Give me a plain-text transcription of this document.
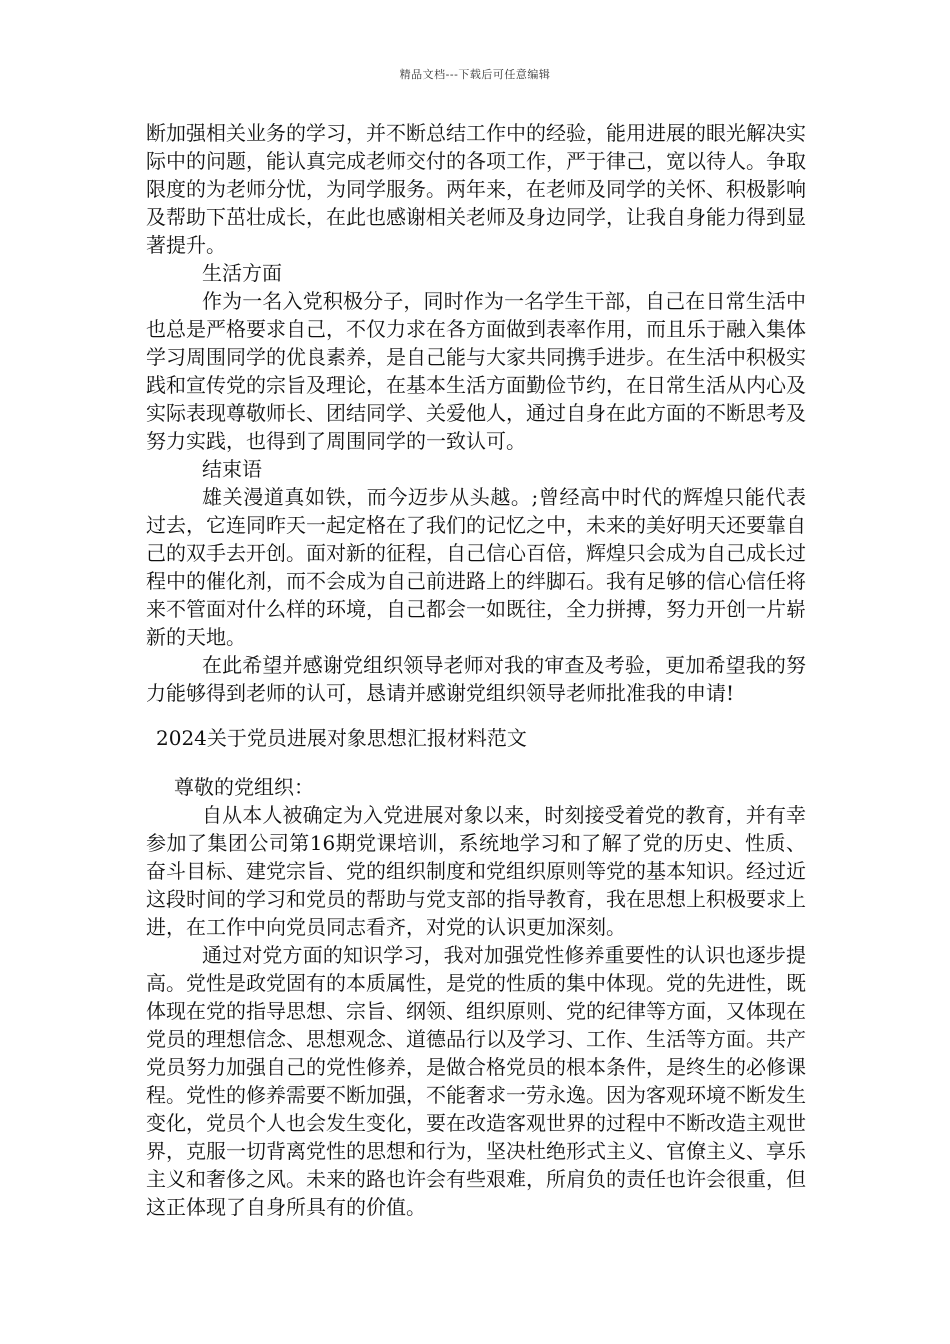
精品文档---下载后可任意编辑

断加强相关业务的学习，并不断总结工作中的经验，能用进展的眼光解决实际中的问题，能认真完成老师交付的各项工作，严于律己，宽以待人。争取限度的为老师分忧，为同学服务。两年来，在老师及同学的关怀、积极影响及帮助下茁壮成长，在此也感谢相关老师及身边同学，让我自身能力得到显著提升。

生活方面

作为一名入党积极分子，同时作为一名学生干部，自己在日常生活中也总是严格要求自己，不仅力求在各方面做到表率作用，而且乐于融入集体学习周围同学的优良素养，是自己能与大家共同携手进步。在生活中积极实践和宣传党的宗旨及理论，在基本生活方面勤俭节约，在日常生活从内心及实际表现尊敬师长、团结同学、关爱他人，通过自身在此方面的不断思考及努力实践，也得到了周围同学的一致认可。

结束语

雄关漫道真如铁，而今迈步从头越。;曾经高中时代的辉煌只能代表过去，它连同昨天一起定格在了我们的记忆之中，未来的美好明天还要靠自己的双手去开创。面对新的征程，自己信心百倍，辉煌只会成为自己成长过程中的催化剂，而不会成为自己前进路上的绊脚石。我有足够的信心信任将来不管面对什么样的环境，自己都会一如既往，全力拼搏，努力开创一片崭新的天地。

在此希望并感谢党组织领导老师对我的审查及考验，更加希望我的努力能够得到老师的认可，恳请并感谢党组织领导老师批准我的申请!

2024关于党员进展对象思想汇报材料范文

尊敬的党组织：

自从本人被确定为入党进展对象以来，时刻接受着党的教育，并有幸参加了集团公司第16期党课培训，系统地学习和了解了党的历史、性质、奋斗目标、建党宗旨、党的组织制度和党组织原则等党的基本知识。经过近这段时间的学习和党员的帮助与党支部的指导教育，我在思想上积极要求上进，在工作中向党员同志看齐，对党的认识更加深刻。

通过对党方面的知识学习，我对加强党性修养重要性的认识也逐步提高。党性是政党固有的本质属性，是党的性质的集中体现。党的先进性，既体现在党的指导思想、宗旨、纲领、组织原则、党的纪律等方面，又体现在党员的理想信念、思想观念、道德品行以及学习、工作、生活等方面。共产党员努力加强自己的党性修养，是做合格党员的根本条件，是终生的必修课程。党性的修养需要不断加强，不能奢求一劳永逸。因为客观环境不断发生变化，党员个人也会发生变化，要在改造客观世界的过程中不断改造主观世界，克服一切背离党性的思想和行为，坚决杜绝形式主义、官僚主义、享乐主义和奢侈之风。未来的路也许会有些艰难，所肩负的责任也许会很重，但这正体现了自身所具有的价值。
